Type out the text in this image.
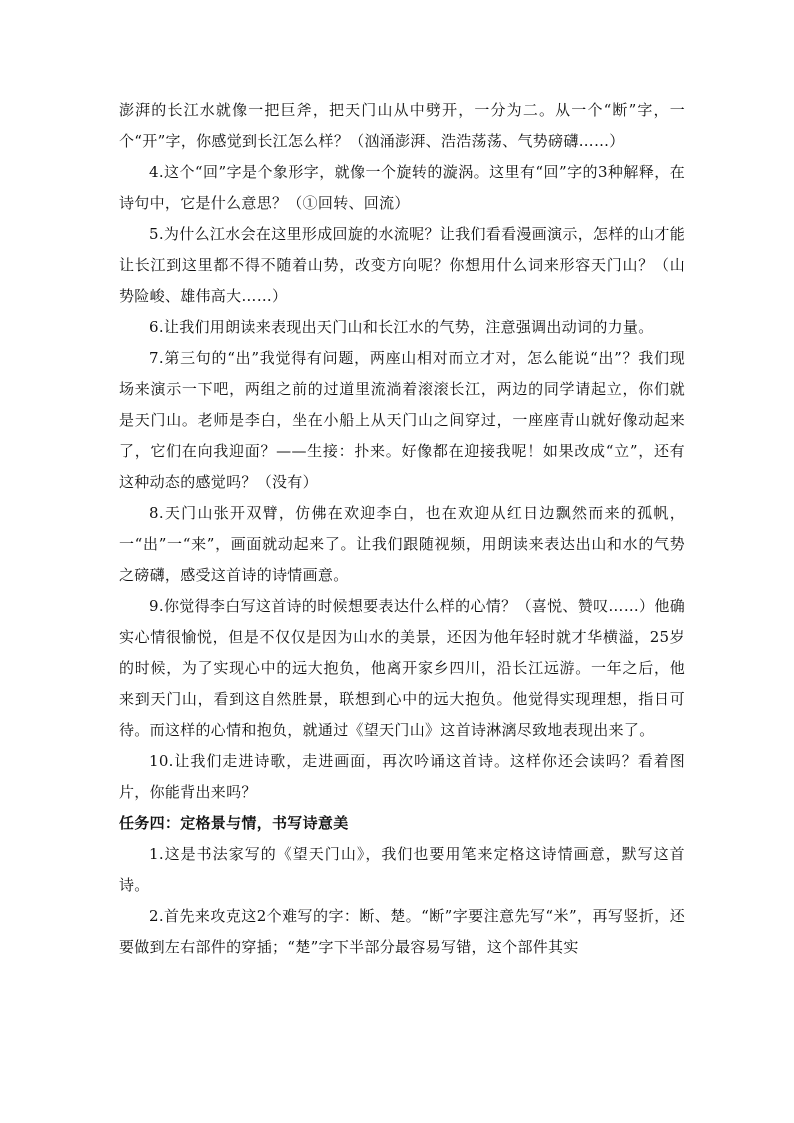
澎湃的长江水就像一把巨斧，把天门山从中劈开，一分为二。从一个“断”字，一个“开”字，你感觉到长江怎么样？（汹涌澎湃、浩浩荡荡、气势磅礴……）

4.这个“回”字是个象形字，就像一个旋转的漩涡。这里有“回”字的3种解释，在诗句中，它是什么意思？（①回转、回流）

5.为什么江水会在这里形成回旋的水流呢？让我们看看漫画演示，怎样的山才能让长江到这里都不得不随着山势，改变方向呢？你想用什么词来形容天门山？（山势险峻、雄伟高大……）

6.让我们用朗读来表现出天门山和长江水的气势，注意强调出动词的力量。

7.第三句的“出”我觉得有问题，两座山相对而立才对，怎么能说“出”？我们现场来演示一下吧，两组之前的过道里流淌着滚滚长江，两边的同学请起立，你们就是天门山。老师是李白，坐在小船上从天门山之间穿过，一座座青山就好像动起来了，它们在向我迎面？——生接：扑来。好像都在迎接我呢！如果改成“立”，还有这种动态的感觉吗？（没有）

8.天门山张开双臂，仿佛在欢迎李白，也在欢迎从红日边飘然而来的孤帆，一“出”一“来”，画面就动起来了。让我们跟随视频，用朗读来表达出山和水的气势之磅礴，感受这首诗的诗情画意。

9.你觉得李白写这首诗的时候想要表达什么样的心情？（喜悦、赞叹……）他确实心情很愉悦，但是不仅仅是因为山水的美景，还因为他年轻时就才华横溢，25岁的时候，为了实现心中的远大抱负，他离开家乡四川，沿长江远游。一年之后，他来到天门山，看到这自然胜景，联想到心中的远大抱负。他觉得实现理想，指日可待。而这样的心情和抱负，就通过《望天门山》这首诗淋漓尽致地表现出来了。

10.让我们走进诗歌，走进画面，再次吟诵这首诗。这样你还会读吗？看着图片，你能背出来吗？

任务四：定格景与情，书写诗意美

1.这是书法家写的《望天门山》，我们也要用笔来定格这诗情画意，默写这首诗。

2.首先来攻克这2个难写的字：断、楚。“断”字要注意先写“米”，再写竖折，还要做到左右部件的穿插；“楚”字下半部分最容易写错，这个部件其实
